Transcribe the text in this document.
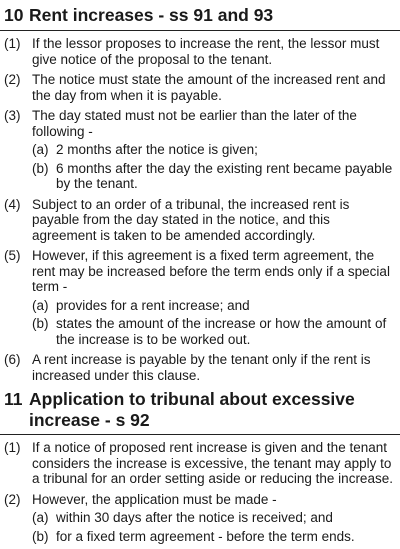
10 Rent increases - ss 91 and 93
(1) If the lessor proposes to increase the rent, the lessor must give notice of the proposal to the tenant.
(2) The notice must state the amount of the increased rent and the day from when it is payable.
(3) The day stated must not be earlier than the later of the following -
(a) 2 months after the notice is given;
(b) 6 months after the day the existing rent became payable by the tenant.
(4) Subject to an order of a tribunal, the increased rent is payable from the day stated in the notice, and this agreement is taken to be amended accordingly.
(5) However, if this agreement is a fixed term agreement, the rent may be increased before the term ends only if a special term -
(a) provides for a rent increase; and
(b) states the amount of the increase or how the amount of the increase is to be worked out.
(6) A rent increase is payable by the tenant only if the rent is increased under this clause.
11 Application to tribunal about excessive increase - s 92
(1) If a notice of proposed rent increase is given and the tenant considers the increase is excessive, the tenant may apply to a tribunal for an order setting aside or reducing the increase.
(2) However, the application must be made -
(a) within 30 days after the notice is received; and
(b) for a fixed term agreement - before the term ends.
